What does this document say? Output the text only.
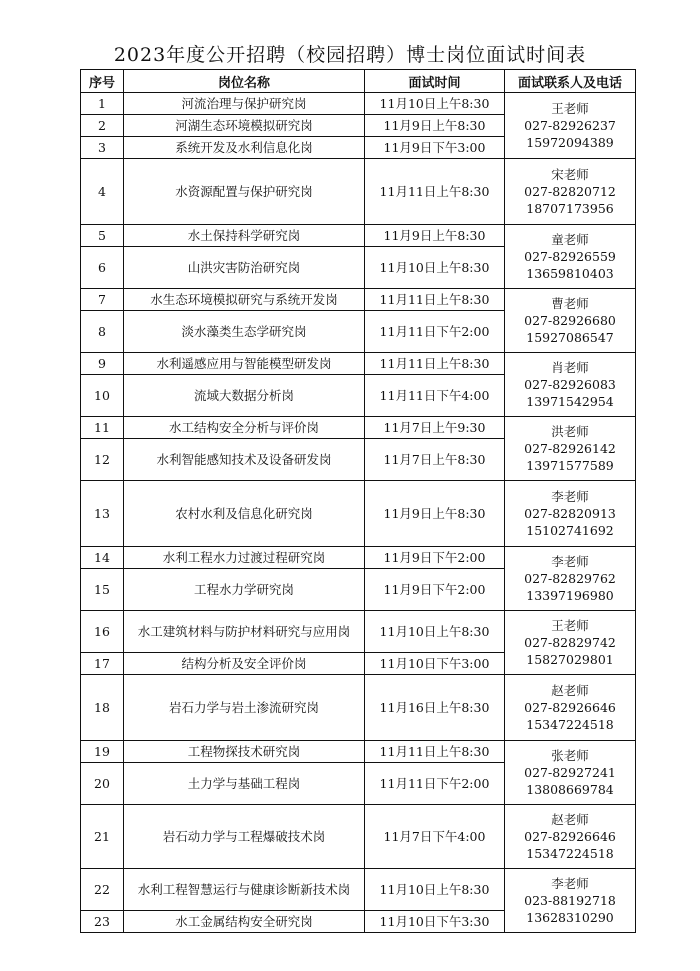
2023年度公开招聘（校园招聘）博士岗位面试时间表
序号	岗位名称	面试时间	面试联系人及电话
1	河流治理与保护研究岗	11月10日上午8:30	王老师
027-82926237
15972094389

2	河湖生态环境模拟研究岗	11月9日上午8:30	
3	系统开发及水利信息化岗	11月9日下午3:00	
4	水资源配置与保护研究岗	11月11日上午8:30	宋老师
027-82820712
18707173956

5	水土保持科学研究岗	11月9日上午8:30	童老师
027-82926559
13659810403

6	山洪灾害防治研究岗	11月10日上午8:30	
7	水生态环境模拟研究与系统开发岗	11月11日上午8:30	曹老师
027-82926680
15927086547

8	淡水藻类生态学研究岗	11月11日下午2:00	
9	水利遥感应用与智能模型研发岗	11月11日上午8:30	肖老师
027-82926083
13971542954

10	流域大数据分析岗	11月11日下午4:00	
11	水工结构安全分析与评价岗	11月7日上午9:30	洪老师
027-82926142
13971577589

12	水利智能感知技术及设备研发岗	11月7日上午8:30	
13	农村水利及信息化研究岗	11月9日上午8:30	李老师
027-82820913
15102741692

14	水利工程水力过渡过程研究岗	11月9日下午2:00	李老师
027-82829762
13397196980

15	工程水力学研究岗	11月9日下午2:00	
16	水工建筑材料与防护材料研究与应用岗	11月10日上午8:30	王老师
027-82829742
15827029801

17	结构分析及安全评价岗	11月10日下午3:00	
18	岩石力学与岩土渗流研究岗	11月16日上午8:30	赵老师
027-82926646
15347224518

19	工程物探技术研究岗	11月11日上午8:30	张老师
027-82927241
13808669784

20	土力学与基础工程岗	11月11日下午2:00	
21	岩石动力学与工程爆破技术岗	11月7日下午4:00	赵老师
027-82926646
15347224518

22	水利工程智慧运行与健康诊断新技术岗	11月10日上午8:30	李老师
023-88192718
13628310290

23	水工金属结构安全研究岗	11月10日下午3:30	
